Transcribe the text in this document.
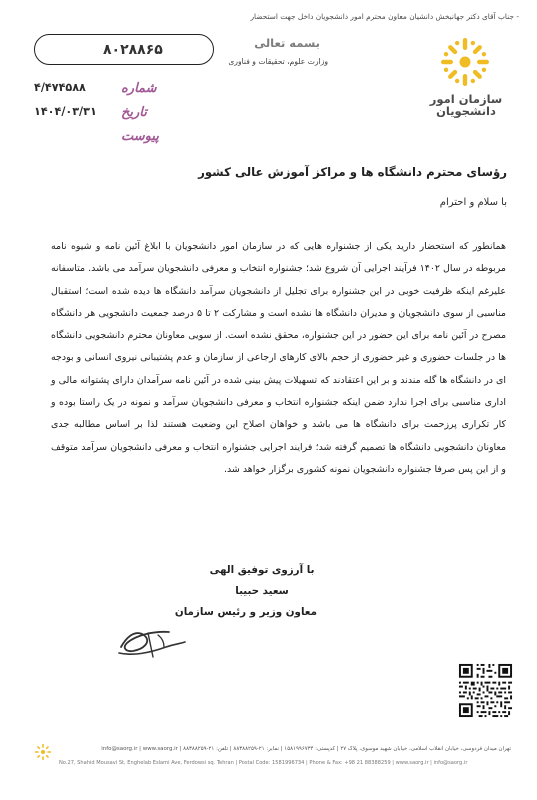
- جناب آقای دکتر جهانبخش دانشیان معاون محترم امور دانشجویان داخل جهت استحضار
۸۰۲۸۸۶۵
۴/۴۷۴۵۸۸
۱۴۰۴/۰۳/۳۱
شماره
تاریخ
پیوست
بسمه تعالی
وزارت علوم، تحقیقات و فناوری
سازمان امور
دانشجویان
رؤسای محترم دانشگاه ها و مراکز آموزش عالی کشور
با سلام و احترام

همانطور که استحضار دارید یکی از جشنواره هایی که در سازمان امور دانشجویان با ابلاغ آئین نامه و شیوه نامه مربوطه در سال ۱۴۰۲ فرآیند اجرایی آن شروع شد؛ جشنواره انتخاب و معرفی دانشجویان سرآمد می باشد. متاسفانه علیرغم اینکه ظرفیت خوبی در این جشنواره برای تجلیل از دانشجویان سرآمد دانشگاه ها دیده شده است؛ استقبال مناسبی از سوی دانشجویان و مدیران دانشگاه ها نشده است و مشارکت ۲ تا ۵ درصد جمعیت دانشجویی هر دانشگاه مصرح در آئین نامه برای این حضور در این جشنواره، محقق نشده است. از سویی معاونان محترم دانشجویی دانشگاه ها در جلسات حضوری و غیر حضوری از حجم بالای کارهای ارجاعی از سازمان و عدم پشتیبانی نیروی انسانی و بودجه ای در دانشگاه ها گله مندند و بر این اعتقادند که تسهیلات پیش بینی شده در آئین نامه سرآمدان دارای پشتوانه مالی و اداری مناسبی برای اجرا ندارد ضمن اینکه جشنواره انتخاب و معرفی دانشجویان سرآمد و نمونه در یک راستا بوده و کار تکراری پرزحمت برای دانشگاه ها می باشد و خواهان اصلاح این وضعیت هستند لذا بر اساس مطالبه جدی معاونان دانشجویی دانشگاه ها تصمیم گرفته شد؛ فرایند اجرایی جشنواره انتخاب و معرفی دانشجویان سرآمد متوقف و از این پس صرفا جشنواره دانشجویان نمونه کشوری برگزار خواهد شد.

با آرزوی توفیق الهی
سعید حبیبا
معاون وزیر و رئیس سازمان
تهران میدان فردوسی، خیابان انقلاب اسلامی، خیابان شهید موسوی، پلاک ۲۷ | کدپستی: ۱۵۸۱۹۹۶۷۳۴ | نمابر: ۲۱-۸۸۳۸۸۲۵۹ | تلفن: ۲۱-۸۸۳۸۸۲۵۹ | info@saorg.ir | www.saorg.ir
No.27, Shahid Mousavi St, Enghelab Eslami Ave, Ferdowsi sq. Tehran | Postal Code: 1581996734 | Phone & Fax: +98 21 88388259 | www.saorg.ir | info@saorg.ir
